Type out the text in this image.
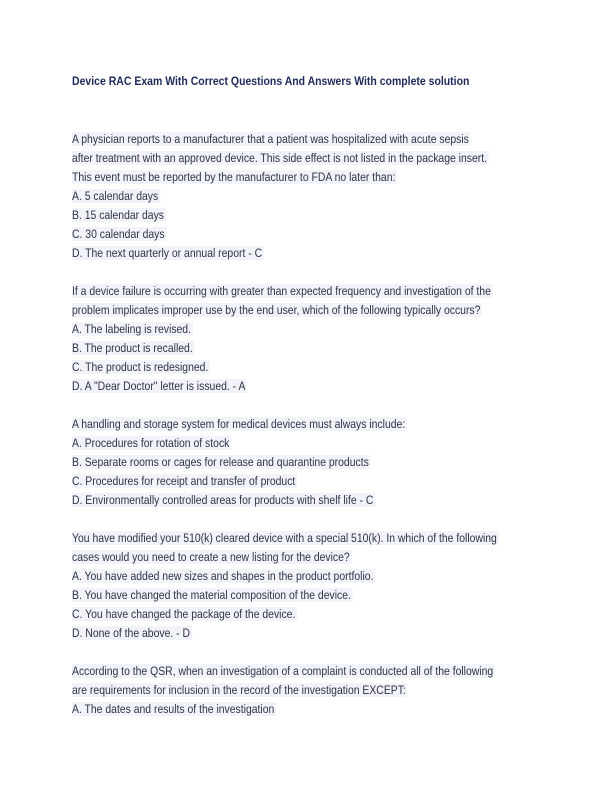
Device RAC Exam With Correct Questions And Answers With complete solution
A physician reports to a manufacturer that a patient was hospitalized with acute sepsis
after treatment with an approved device. This side effect is not listed in the package insert.
This event must be reported by the manufacturer to FDA no later than:
A. 5 calendar days
B. 15 calendar days
C. 30 calendar days
D. The next quarterly or annual report - C
If a device failure is occurring with greater than expected frequency and investigation of the
problem implicates improper use by the end user, which of the following typically occurs?
A. The labeling is revised.
B. The product is recalled.
C. The product is redesigned.
D. A "Dear Doctor" letter is issued. - A
A handling and storage system for medical devices must always include:
A. Procedures for rotation of stock
B. Separate rooms or cages for release and quarantine products
C. Procedures for receipt and transfer of product
D. Environmentally controlled areas for products with shelf life - C
You have modified your 510(k) cleared device with a special 510(k). In which of the following
cases would you need to create a new listing for the device?
A. You have added new sizes and shapes in the product portfolio.
B. You have changed the material composition of the device.
C. You have changed the package of the device.
D. None of the above. - D
According to the QSR, when an investigation of a complaint is conducted all of the following
are requirements for inclusion in the record of the investigation EXCEPT:
A. The dates and results of the investigation
